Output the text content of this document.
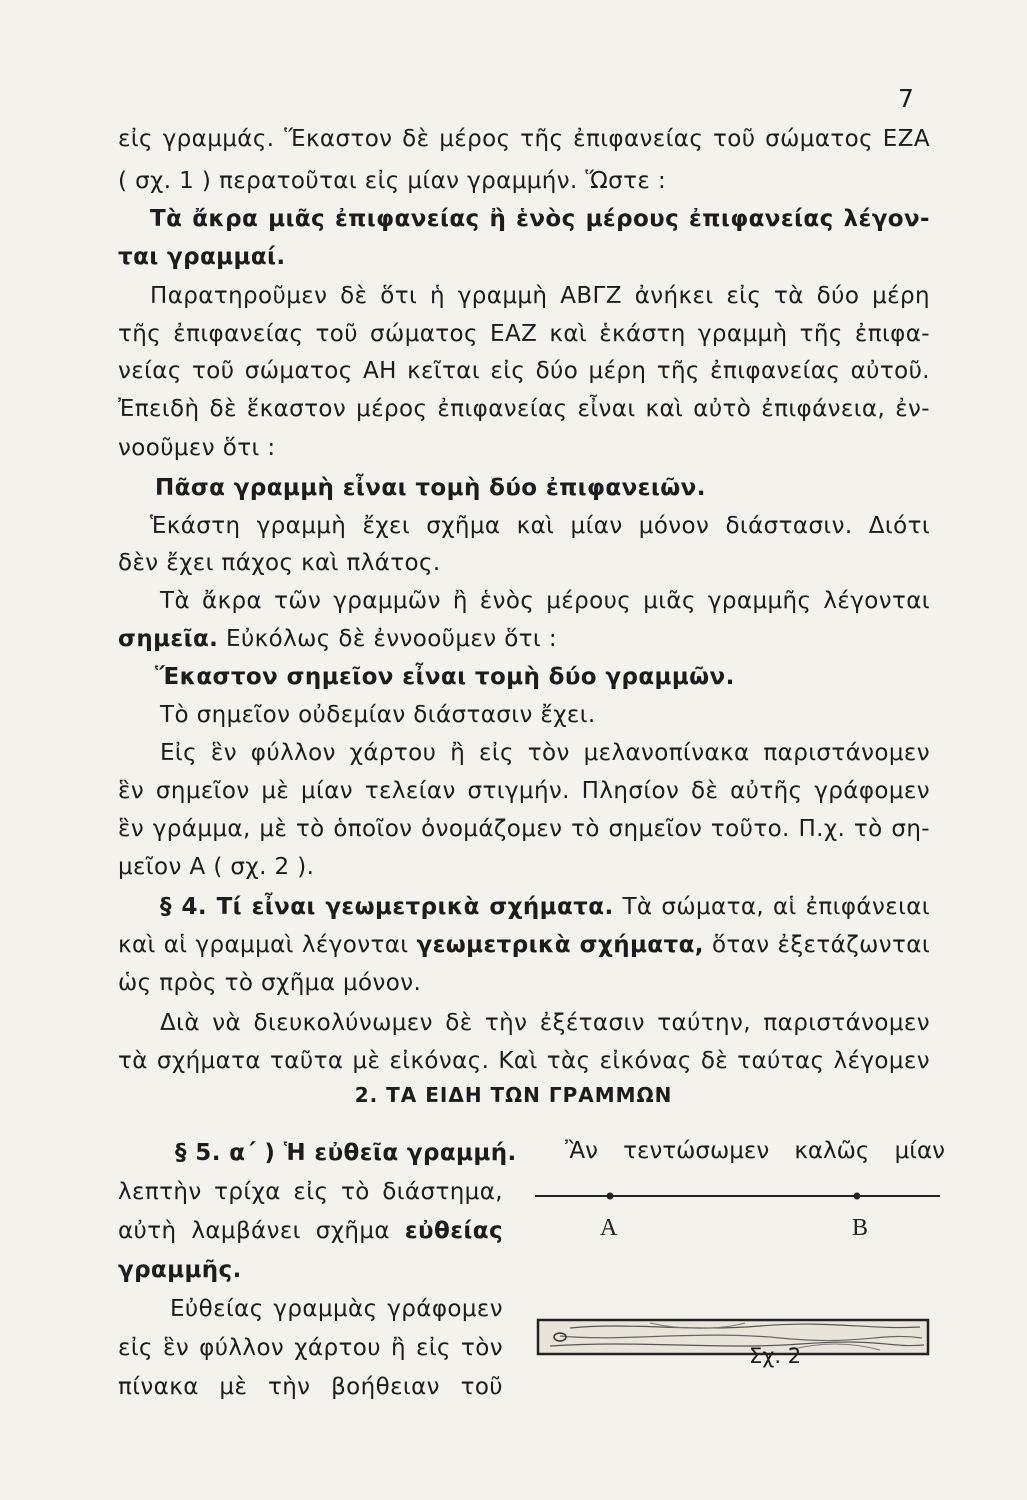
7
εἰς γραμμάς. Ἕκαστον δὲ μέρος τῆς ἐπιφανείας τοῦ σώματος ΕΖΑ
( σχ. 1 ) περατοῦται εἰς μίαν γραμμήν. Ὥστε :
Τὰ ἄκρα μιᾶς ἐπιφανείας ἢ ἑνὸς μέρους ἐπιφανείας λέγον-
ται γραμμαί.
Παρατηροῦμεν δὲ ὅτι ἡ γραμμὴ ΑΒΓΖ ἀνήκει εἰς τὰ δύο μέρη
τῆς ἐπιφανείας τοῦ σώματος ΕΑΖ καὶ ἑκάστη γραμμὴ τῆς ἐπιφα-
νείας τοῦ σώματος ΑΗ κεῖται εἰς δύο μέρη τῆς ἐπιφανείας αὐτοῦ.
Ἐπειδὴ δὲ ἕκαστον μέρος ἐπιφανείας εἶναι καὶ αὐτὸ ἐπιφάνεια, ἐν-
νοοῦμεν ὅτι :
Πᾶσα γραμμὴ εἶναι τομὴ δύο ἐπιφανειῶν.
Ἑκάστη γραμμὴ ἔχει σχῆμα καὶ μίαν μόνον διάστασιν. Διότι
δὲν ἔχει πάχος καὶ πλάτος.
Τὰ ἄκρα τῶν γραμμῶν ἢ ἑνὸς μέρους μιᾶς γραμμῆς λέγονται
σημεῖα. Εὐκόλως δὲ ἐννοοῦμεν ὅτι :
Ἕκαστον σημεῖον εἶναι τομὴ δύο γραμμῶν.
Τὸ σημεῖον οὐδεμίαν διάστασιν ἔχει.
Εἰς ἓν φύλλον χάρτου ἢ εἰς τὸν μελανοπίνακα παριστάνομεν
ἓν σημεῖον μὲ μίαν τελείαν στιγμήν. Πλησίον δὲ αὐτῆς γράφομεν
ἓν γράμμα, μὲ τὸ ὁποῖον ὀνομάζομεν τὸ σημεῖον τοῦτο. Π.χ. τὸ ση-
μεῖον Α ( σχ. 2 ).
§ 4. Τί εἶναι γεωμετρικὰ σχήματα. Τὰ σώματα, αἱ ἐπιφάνειαι
καὶ αἱ γραμμαὶ λέγονται γεωμετρικὰ σχήματα, ὅταν ἐξετάζωνται
ὡς πρὸς τὸ σχῆμα μόνον.
Διὰ νὰ διευκολύνωμεν δὲ τὴν ἐξέτασιν ταύτην, παριστάνομεν
τὰ σχήματα ταῦτα μὲ εἰκόνας. Καὶ τὰς εἰκόνας δὲ ταύτας λέγομεν
2. ΤΑ ΕΙΔΗ ΤΩΝ ΓΡΑΜΜΩΝ
§ 5. α΄ ) Ἡ εὐθεῖα γραμμή.	Ἂν τεντώσωμεν καλῶς μίαν
λεπτὴν τρίχα εἰς τὸ διάστημα,
αὐτὴ λαμβάνει σχῆμα εὐθείας
γραμμῆς.
Εὐθείας γραμμὰς γράφομεν
εἰς ἓν φύλλον χάρτου ἢ εἰς τὸν
πίνακα μὲ τὴν βοήθειαν τοῦ
Α	Β
Σχ. 2
